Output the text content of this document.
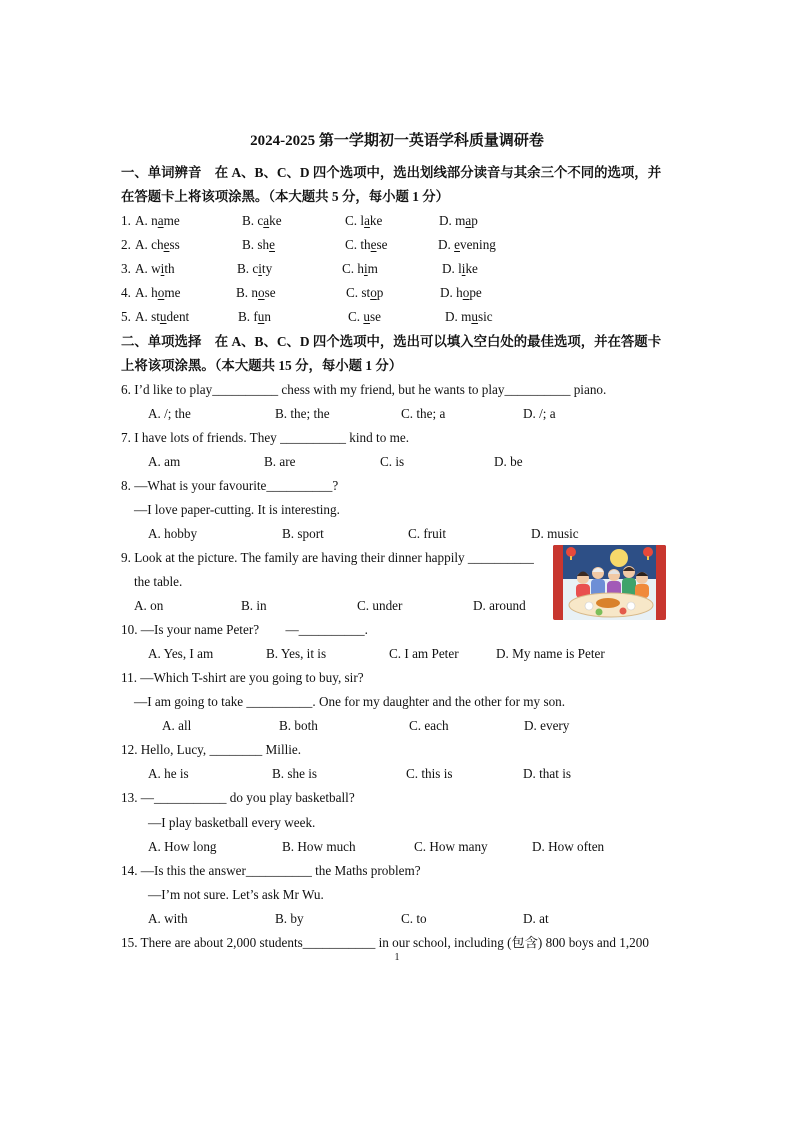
2024-2025 第一学期初一英语学科质量调研卷
一、单词辨音　在 A、B、C、D 四个选项中，选出划线部分读音与其余三个不同的选项，并
在答题卡上将该项涂黑。（本大题共 5 分，每小题 1 分）
1. A. name	B. cake	C. lake	D. map
2. A. chess	B. she	C. these	D. evening
3. A. with	B. city	C. him	D. like
4. A. home	B. nose	C. stop	D. hope
5. A. student	B. fun	C. use	D. music
二、单项选择　在 A、B、C、D 四个选项中，选出可以填入空白处的最佳选项，并在答题卡
上将该项涂黑。（本大题共 15 分，每小题 1 分）
6. I’d like to play__________ chess with my friend, but he wants to play__________ piano.
A. /; the	B. the; the	C. the; a	D. /; a
7. I have lots of friends. They __________ kind to me.
A. am	B. are	C. is	D. be
8. —What is your favourite__________?
—I love paper-cutting. It is interesting.
A. hobby	B. sport	C. fruit	D. music
9. Look at the picture. The family are having their dinner happily __________
the table.
A. on	B. in	C. under	D. around
10. —Is your name Peter?　　—__________.
A. Yes, I am	B. Yes, it is	C. I am Peter	D. My name is Peter
11. —Which T-shirt are you going to buy, sir?
—I am going to take __________. One for my daughter and the other for my son.
A. all	B. both	C. each	D. every
12. Hello, Lucy, ________ Millie.
A. he is	B. she is	C. this is	D. that is
13. —___________ do you play basketball?
—I play basketball every week.
A. How long	B. How much	C. How many	D. How often
14. —Is this the answer__________ the Maths problem?
—I’m not sure. Let’s ask Mr Wu.
A. with	B. by	C. to	D. at
15. There are about 2,000 students___________ in our school, including (包含) 800 boys and 1,200
1
